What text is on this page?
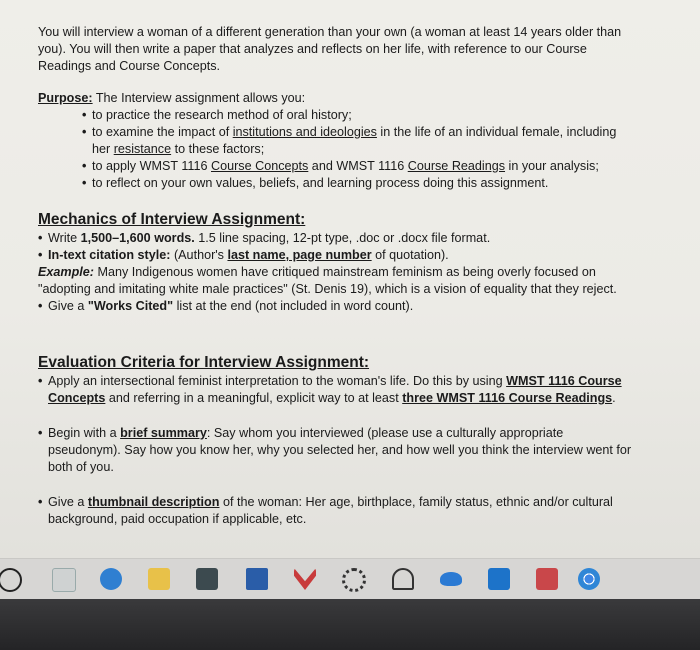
You will interview a woman of a different generation than your own (a woman at least 14 years older than you). You will then write a paper that analyzes and reflects on her life, with reference to our Course Readings and Course Concepts.

Purpose: The Interview assignment allows you:

• to practice the research method of oral history;
• to examine the impact of institutions and ideologies in the life of an individual female, including her resistance to these factors;
• to apply WMST 1116 Course Concepts and WMST 1116 Course Readings in your analysis;
• to reflect on your own values, beliefs, and learning process doing this assignment.
Mechanics of Interview Assignment:
• Write 1,500–1,600 words. 1.5 line spacing, 12-pt type, .doc or .docx file format.
• In-text citation style: (Author's last name, page number of quotation).
Example: Many Indigenous women have critiqued mainstream feminism as being overly focused on "adopting and imitating white male practices" (St. Denis 19), which is a vision of equality that they reject.
• Give a "Works Cited" list at the end (not included in word count).
Evaluation Criteria for Interview Assignment:
• Apply an intersectional feminist interpretation to the woman's life. Do this by using WMST 1116 Course Concepts and referring in a meaningful, explicit way to at least three WMST 1116 Course Readings.
• Begin with a brief summary: Say whom you interviewed (please use a culturally appropriate pseudonym). Say how you know her, why you selected her, and how well you think the interview went for both of you.
• Give a thumbnail description of the woman: Her age, birthplace, family status, ethnic and/or cultural background, paid occupation if applicable, etc.
